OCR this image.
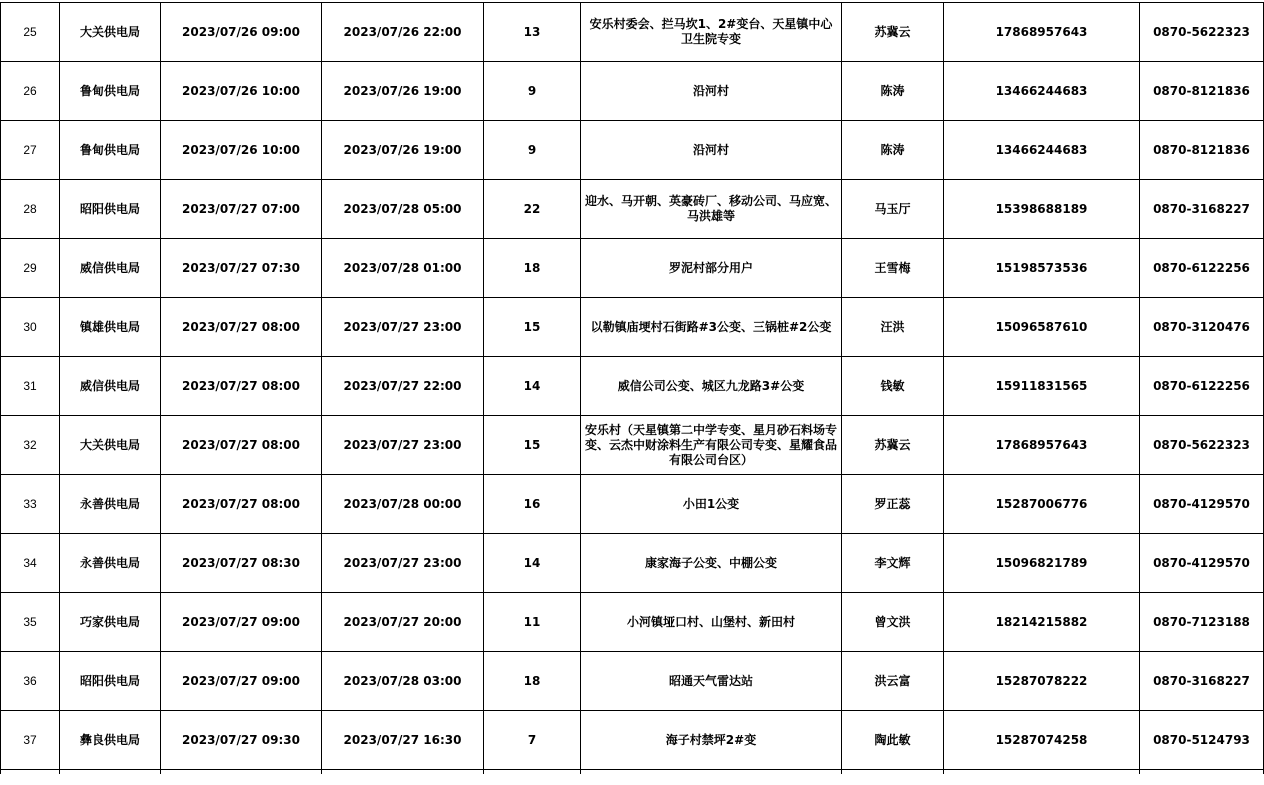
25	大关供电局	2023/07/26 09:00	2023/07/26 22:00	13	安乐村委会、拦马坎1、2#变台、天星镇中心卫生院专变	苏冀云	17868957643	0870-5622323
26	鲁甸供电局	2023/07/26 10:00	2023/07/26 19:00	9	沿河村	陈涛	13466244683	0870-8121836
27	鲁甸供电局	2023/07/26 10:00	2023/07/26 19:00	9	沿河村	陈涛	13466244683	0870-8121836
28	昭阳供电局	2023/07/27 07:00	2023/07/28 05:00	22	迎水、马开朝、英豪砖厂、移动公司、马应宽、马洪雄等	马玉厅	15398688189	0870-3168227
29	威信供电局	2023/07/27 07:30	2023/07/28 01:00	18	罗泥村部分用户	王雪梅	15198573536	0870-6122256
30	镇雄供电局	2023/07/27 08:00	2023/07/27 23:00	15	以勒镇庙埂村石街路#3公变、三锅桩#2公变	汪洪	15096587610	0870-3120476
31	威信供电局	2023/07/27 08:00	2023/07/27 22:00	14	威信公司公变、城区九龙路3#公变	钱敏	15911831565	0870-6122256
32	大关供电局	2023/07/27 08:00	2023/07/27 23:00	15	安乐村（天星镇第二中学专变、星月砂石料场专变、云杰中财涂料生产有限公司专变、星耀食品有限公司台区）	苏冀云	17868957643	0870-5622323
33	永善供电局	2023/07/27 08:00	2023/07/28 00:00	16	小田1公变	罗正蕊	15287006776	0870-4129570
34	永善供电局	2023/07/27 08:30	2023/07/27 23:00	14	康家海子公变、中棚公变	李文辉	15096821789	0870-4129570
35	巧家供电局	2023/07/27 09:00	2023/07/27 20:00	11	小河镇垭口村、山堡村、新田村	曾文洪	18214215882	0870-7123188
36	昭阳供电局	2023/07/27 09:00	2023/07/28 03:00	18	昭通天气雷达站	洪云富	15287078222	0870-3168227
37	彝良供电局	2023/07/27 09:30	2023/07/27 16:30	7	海子村禁坪2#变	陶此敏	15287074258	0870-5124793
